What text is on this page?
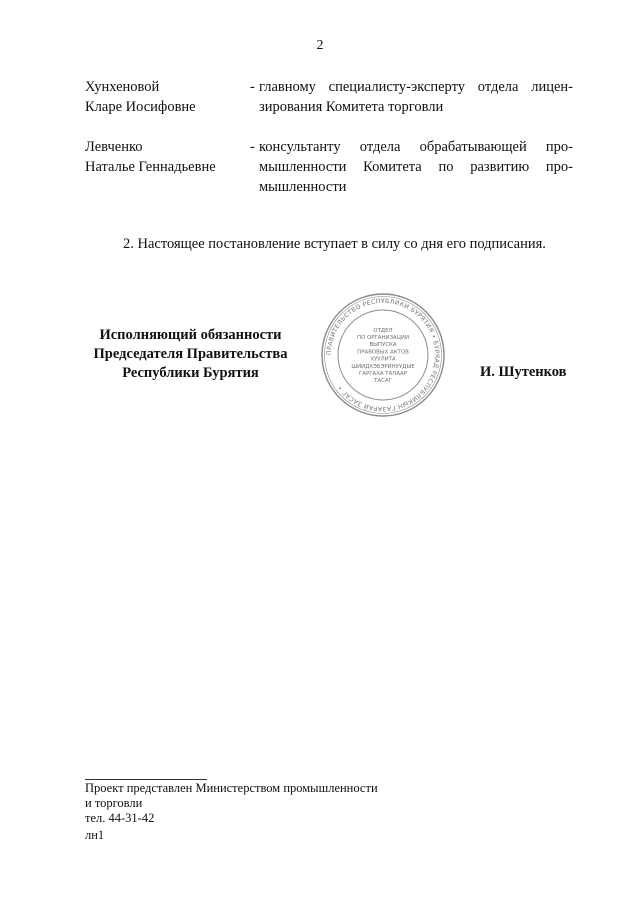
2
Хунхеновой
Кларе Иосифовне
- главному специалисту-эксперту отдела лицен-
зирования Комитета торговли
Левченко
Наталье Геннадьевне
- консультанту отдела обрабатывающей про-
мышленности Комитета по развитию про-
мышленности
2. Настоящее постановление вступает в силу со дня его подписания.
Исполняющий обязанности
Председателя Правительства
Республики Бурятия
ПРАВИТЕЛЬСТВО РЕСПУБЛИКИ БУРЯТИЯ • БУРЯАД РЕСПУБЛИКЫН ГАЗАРАЙ ЗАСАГ •
ОТДЕЛ
ПО ОРГАНИЗАЦИИ
ВЫПУСКА
ПРАВОВЫХ АКТОВ
ХУУЛИТА
ШИИДХЭБЭРИНУУДЫЕ
ГАРГАХА ТАЛААР
ТАСАГ
И. Шутенков
Проект представлен Министерством промышленности
и торговли
тел. 44-31-42
лн1
